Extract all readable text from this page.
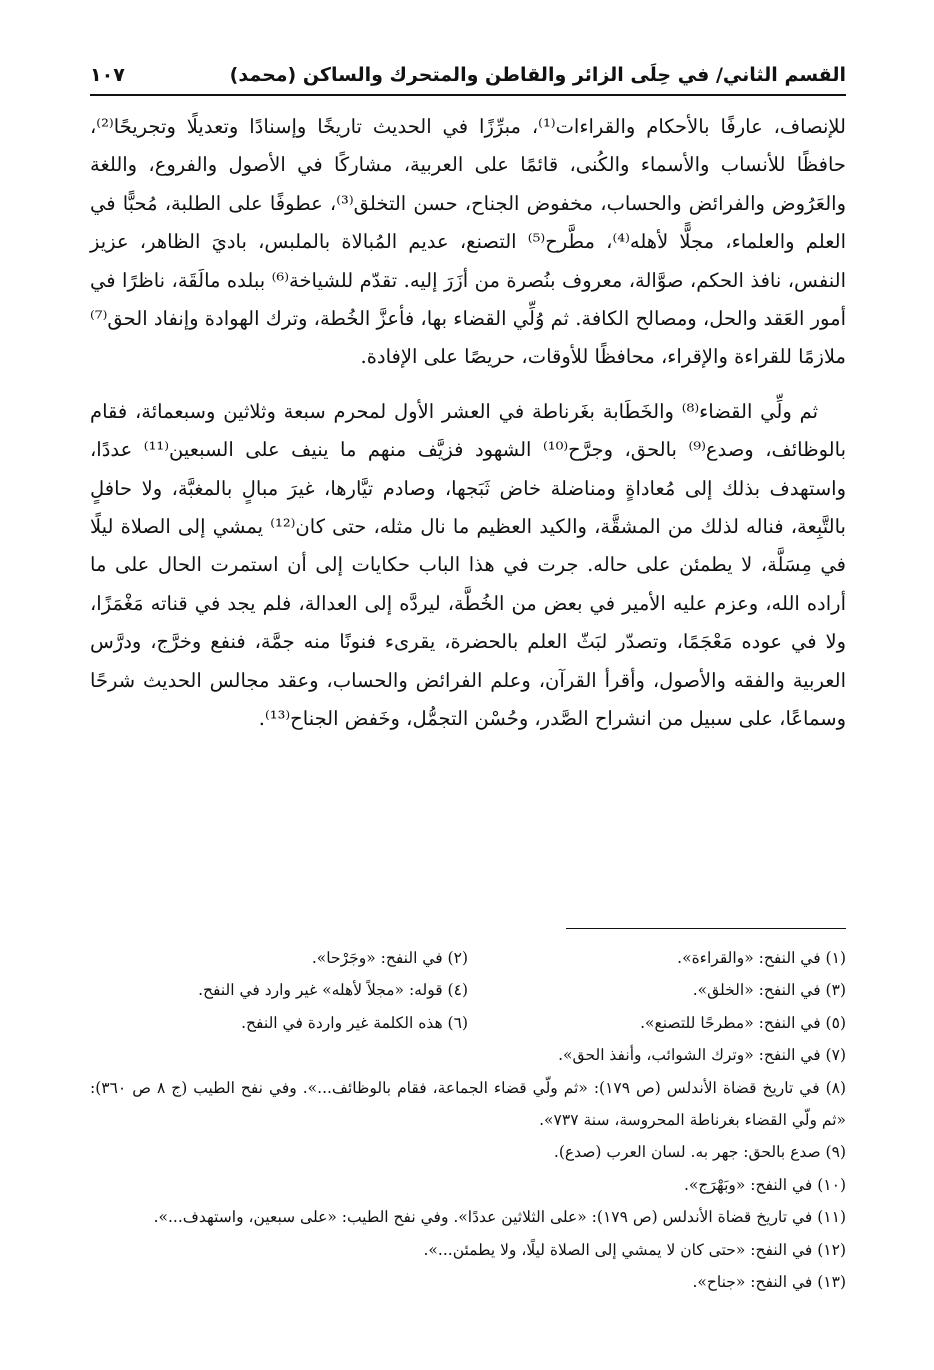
القسم الثاني/ في حِلَى الزائر والقاطن والمتحرك والساكن (محمد)
١٠٧

للإنصاف، عارفًا بالأحكام والقراءات⁽¹⁾، مبرِّزًا في الحديث تاريخًا وإسنادًا وتعديلًا وتجريحًا⁽²⁾، حافظًا للأنساب والأسماء والكُنى، قائمًا على العربية، مشاركًا في الأصول والفروع، واللغة والعَرُوض والفرائض والحساب، مخفوض الجناح، حسن التخلق⁽³⁾، عطوفًا على الطلبة، مُحبًّا في العلم والعلماء، مجلًّا لأهله⁽⁴⁾، مطَّرح⁽⁵⁾ التصنع، عديم المُبالاة بالملبس، باديَ الظاهر، عزيز النفس، نافذ الحكم، صوَّالة، معروف بنُصرة من أزَرَ إليه. تقدّم للشياخة⁽⁶⁾ ببلده مالَقَة، ناظرًا في أمور العَقد والحل، ومصالح الكافة. ثم وُلِّي القضاء بها، فأعزَّ الخُطة، وترك الهوادة وإنفاد الحق⁽⁷⁾ ملازمًا للقراءة والإقراء، محافظًا للأوقات، حريصًا على الإفادة.

ثم ولِّي القضاء⁽⁸⁾ والخَطَابة بغَرناطة في العشر الأول لمحرم سبعة وثلاثين وسبعمائة، فقام بالوظائف، وصدع⁽⁹⁾ بالحق، وجرَّح⁽¹⁰⁾ الشهود فزيَّف منهم ما ينيف على السبعين⁽¹¹⁾ عددًا، واستهدف بذلك إلى مُعاداةٍ ومناضلة خاض ثَبَجها، وصادم تيَّارها، غيرَ مبالٍ بالمغبَّة، ولا حافلٍ بالتَّبِعة، فناله لذلك من المشقَّة، والكيد العظيم ما نال مثله، حتى كان⁽¹²⁾ يمشي إلى الصلاة ليلًا في مِسَلَّة، لا يطمئن على حاله. جرت في هذا الباب حكايات إلى أن استمرت الحال على ما أراده الله، وعزم عليه الأمير في بعض من الخُطَّة، ليردَّه إلى العدالة، فلم يجد في قناته مَغْمَزًا، ولا في عوده مَعْجَمًا، وتصدّر لبَثّ العلم بالحضرة، يقرىء فنونًا منه جمَّة، فنفع وخرَّج، ودرَّس العربية والفقه والأصول، وأقرأ القرآن، وعلم الفرائض والحساب، وعقد مجالس الحديث شرحًا وسماعًا، على سبيل من انشراح الصَّدر، وحُسْن التجمُّل، وخَفض الجناح⁽¹³⁾.

(١) في النفح: «والقراءة».
(٢) في النفح: «وجَرْحا».
(٣) في النفح: «الخلق».
(٤) قوله: «مجلاً لأهله» غير وارد في النفح.
(٥) في النفح: «مطرحًا للتصنع».
(٦) هذه الكلمة غير واردة في النفح.
(٧) في النفح: «وترك الشوائب، وأنفذ الحق».
(٨) في تاريخ قضاة الأندلس (ص ١٧٩): «ثم ولّي قضاء الجماعة، فقام بالوظائف...». وفي نفح الطيب (ج ٨ ص ٣٦٠): «ثم ولّي القضاء بغرناطة المحروسة، سنة ٧٣٧».
(٩) صدع بالحق: جهر به. لسان العرب (صدع).
(١٠) في النفح: «وبَهْرَج».
(١١) في تاريخ قضاة الأندلس (ص ١٧٩): «على الثلاثين عددًا». وفي نفح الطيب: «على سبعين، واستهدف...».
(١٢) في النفح: «حتى كان لا يمشي إلى الصلاة ليلًا، ولا يطمئن...».
(١٣) في النفح: «جناح».
